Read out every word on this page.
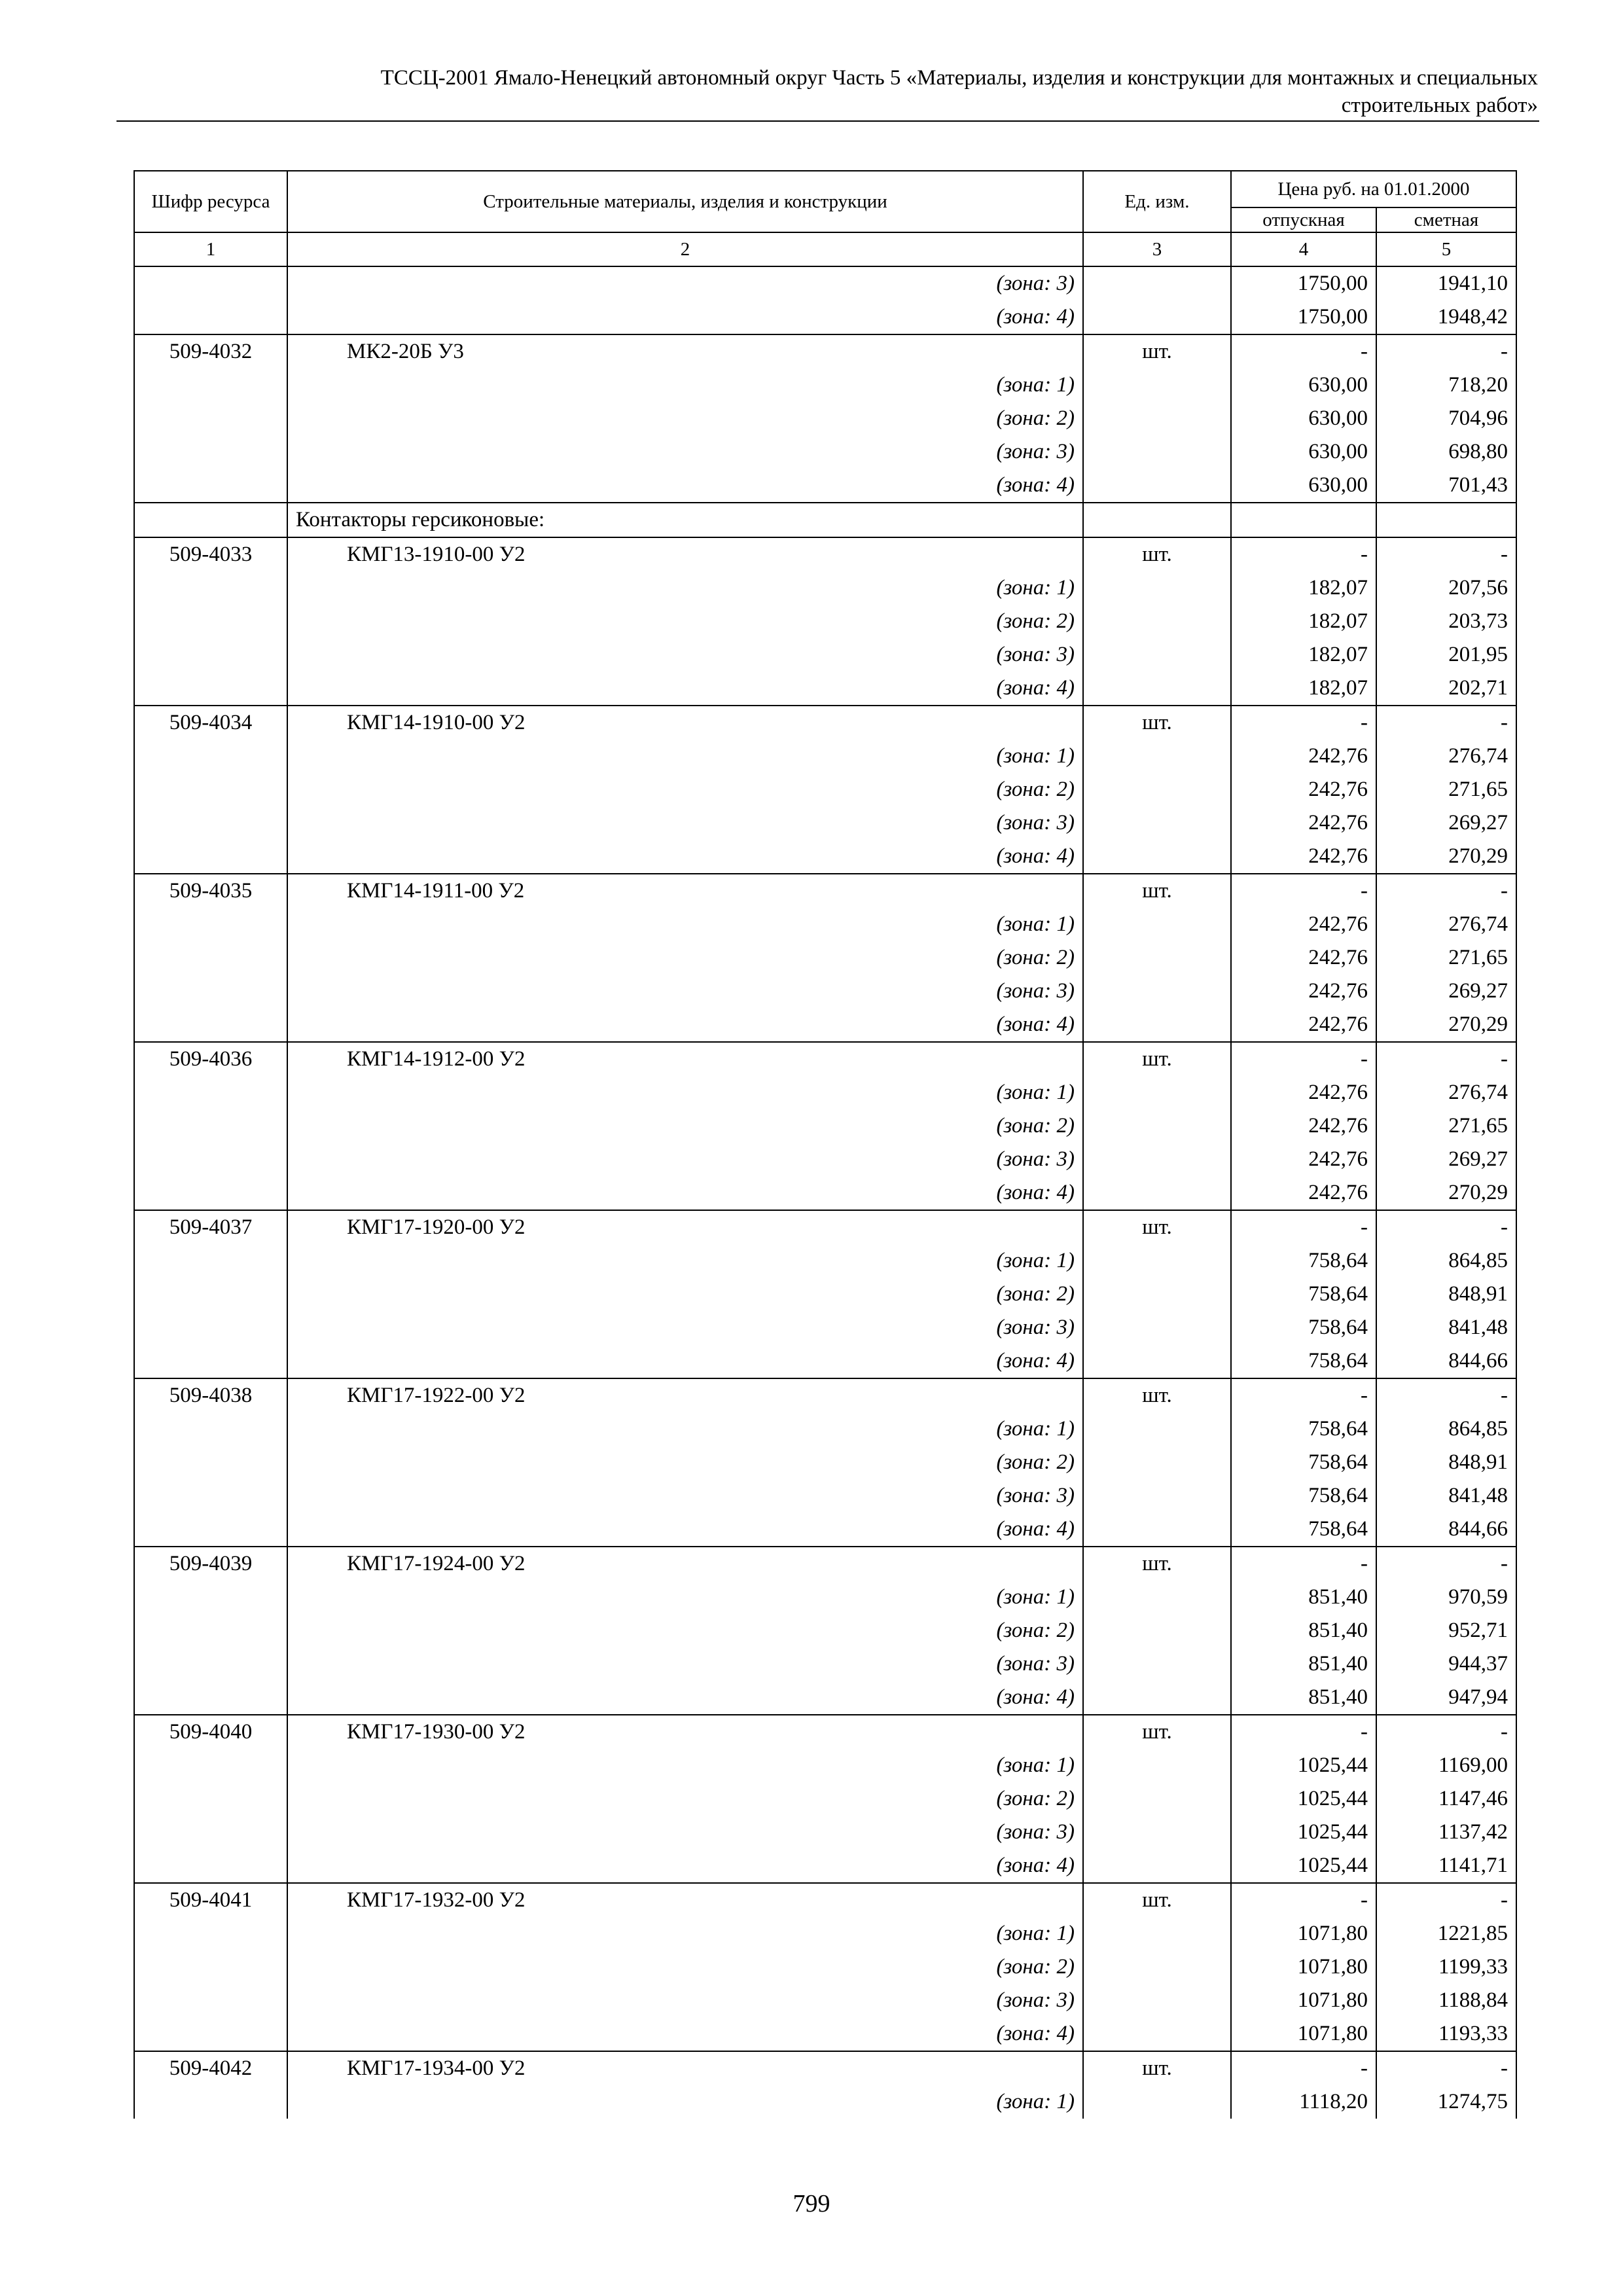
ТССЦ-2001 Ямало-Ненецкий автономный округ Часть 5 «Материалы, изделия и конструкции для монтажных и специальных
строительных работ»
Шифр ресурса	Строительные материалы, изделия и конструкции	Ед. изм.	Цена руб. на 01.01.2000	
			отпускная	сметная

1	2	3	4	5
	(зона: 3)		1750,00	1941,10
	(зона: 4)		1750,00	1948,42
509-4032	МК2-20Б У3	шт.	-	-
	(зона: 1)		630,00	718,20
	(зона: 2)		630,00	704,96
	(зона: 3)		630,00	698,80
	(зона: 4)		630,00	701,43
	Контакторы герсиконовые:			
509-4033	КМГ13-1910-00 У2	шт.	-	-
	(зона: 1)		182,07	207,56
	(зона: 2)		182,07	203,73
	(зона: 3)		182,07	201,95
	(зона: 4)		182,07	202,71
509-4034	КМГ14-1910-00 У2	шт.	-	-
	(зона: 1)		242,76	276,74
	(зона: 2)		242,76	271,65
	(зона: 3)		242,76	269,27
	(зона: 4)		242,76	270,29
509-4035	КМГ14-1911-00 У2	шт.	-	-
	(зона: 1)		242,76	276,74
	(зона: 2)		242,76	271,65
	(зона: 3)		242,76	269,27
	(зона: 4)		242,76	270,29
509-4036	КМГ14-1912-00 У2	шт.	-	-
	(зона: 1)		242,76	276,74
	(зона: 2)		242,76	271,65
	(зона: 3)		242,76	269,27
	(зона: 4)		242,76	270,29
509-4037	КМГ17-1920-00 У2	шт.	-	-
	(зона: 1)		758,64	864,85
	(зона: 2)		758,64	848,91
	(зона: 3)		758,64	841,48
	(зона: 4)		758,64	844,66
509-4038	КМГ17-1922-00 У2	шт.	-	-
	(зона: 1)		758,64	864,85
	(зона: 2)		758,64	848,91
	(зона: 3)		758,64	841,48
	(зона: 4)		758,64	844,66
509-4039	КМГ17-1924-00 У2	шт.	-	-
	(зона: 1)		851,40	970,59
	(зона: 2)		851,40	952,71
	(зона: 3)		851,40	944,37
	(зона: 4)		851,40	947,94
509-4040	КМГ17-1930-00 У2	шт.	-	-
	(зона: 1)		1025,44	1169,00
	(зона: 2)		1025,44	1147,46
	(зона: 3)		1025,44	1137,42
	(зона: 4)		1025,44	1141,71
509-4041	КМГ17-1932-00 У2	шт.	-	-
	(зона: 1)		1071,80	1221,85
	(зона: 2)		1071,80	1199,33
	(зона: 3)		1071,80	1188,84
	(зона: 4)		1071,80	1193,33
509-4042	КМГ17-1934-00 У2	шт.	-	-
	(зона: 1)		1118,20	1274,75
799
